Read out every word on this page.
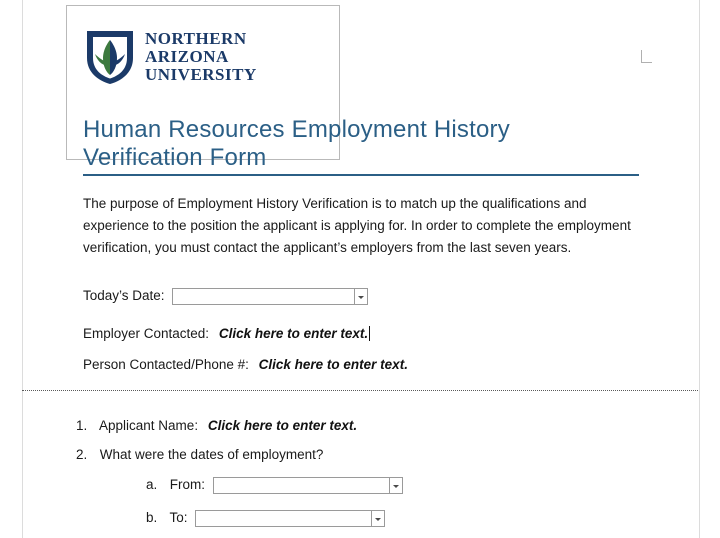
NORTHERN
ARIZONA
UNIVERSITY
Human Resources Employment History Verification Form
The purpose of Employment History Verification is to match up the qualifications and experience to the position the applicant is applying for. In order to complete the employment verification, you must contact the applicant’s employers from the last seven years.
Today’s Date:
Employer Contacted: Click here to enter text.
Person Contacted/Phone #: Click here to enter text.
1. Applicant Name: Click here to enter text.
2. What were the dates of employment?
a. From:
b. To:
